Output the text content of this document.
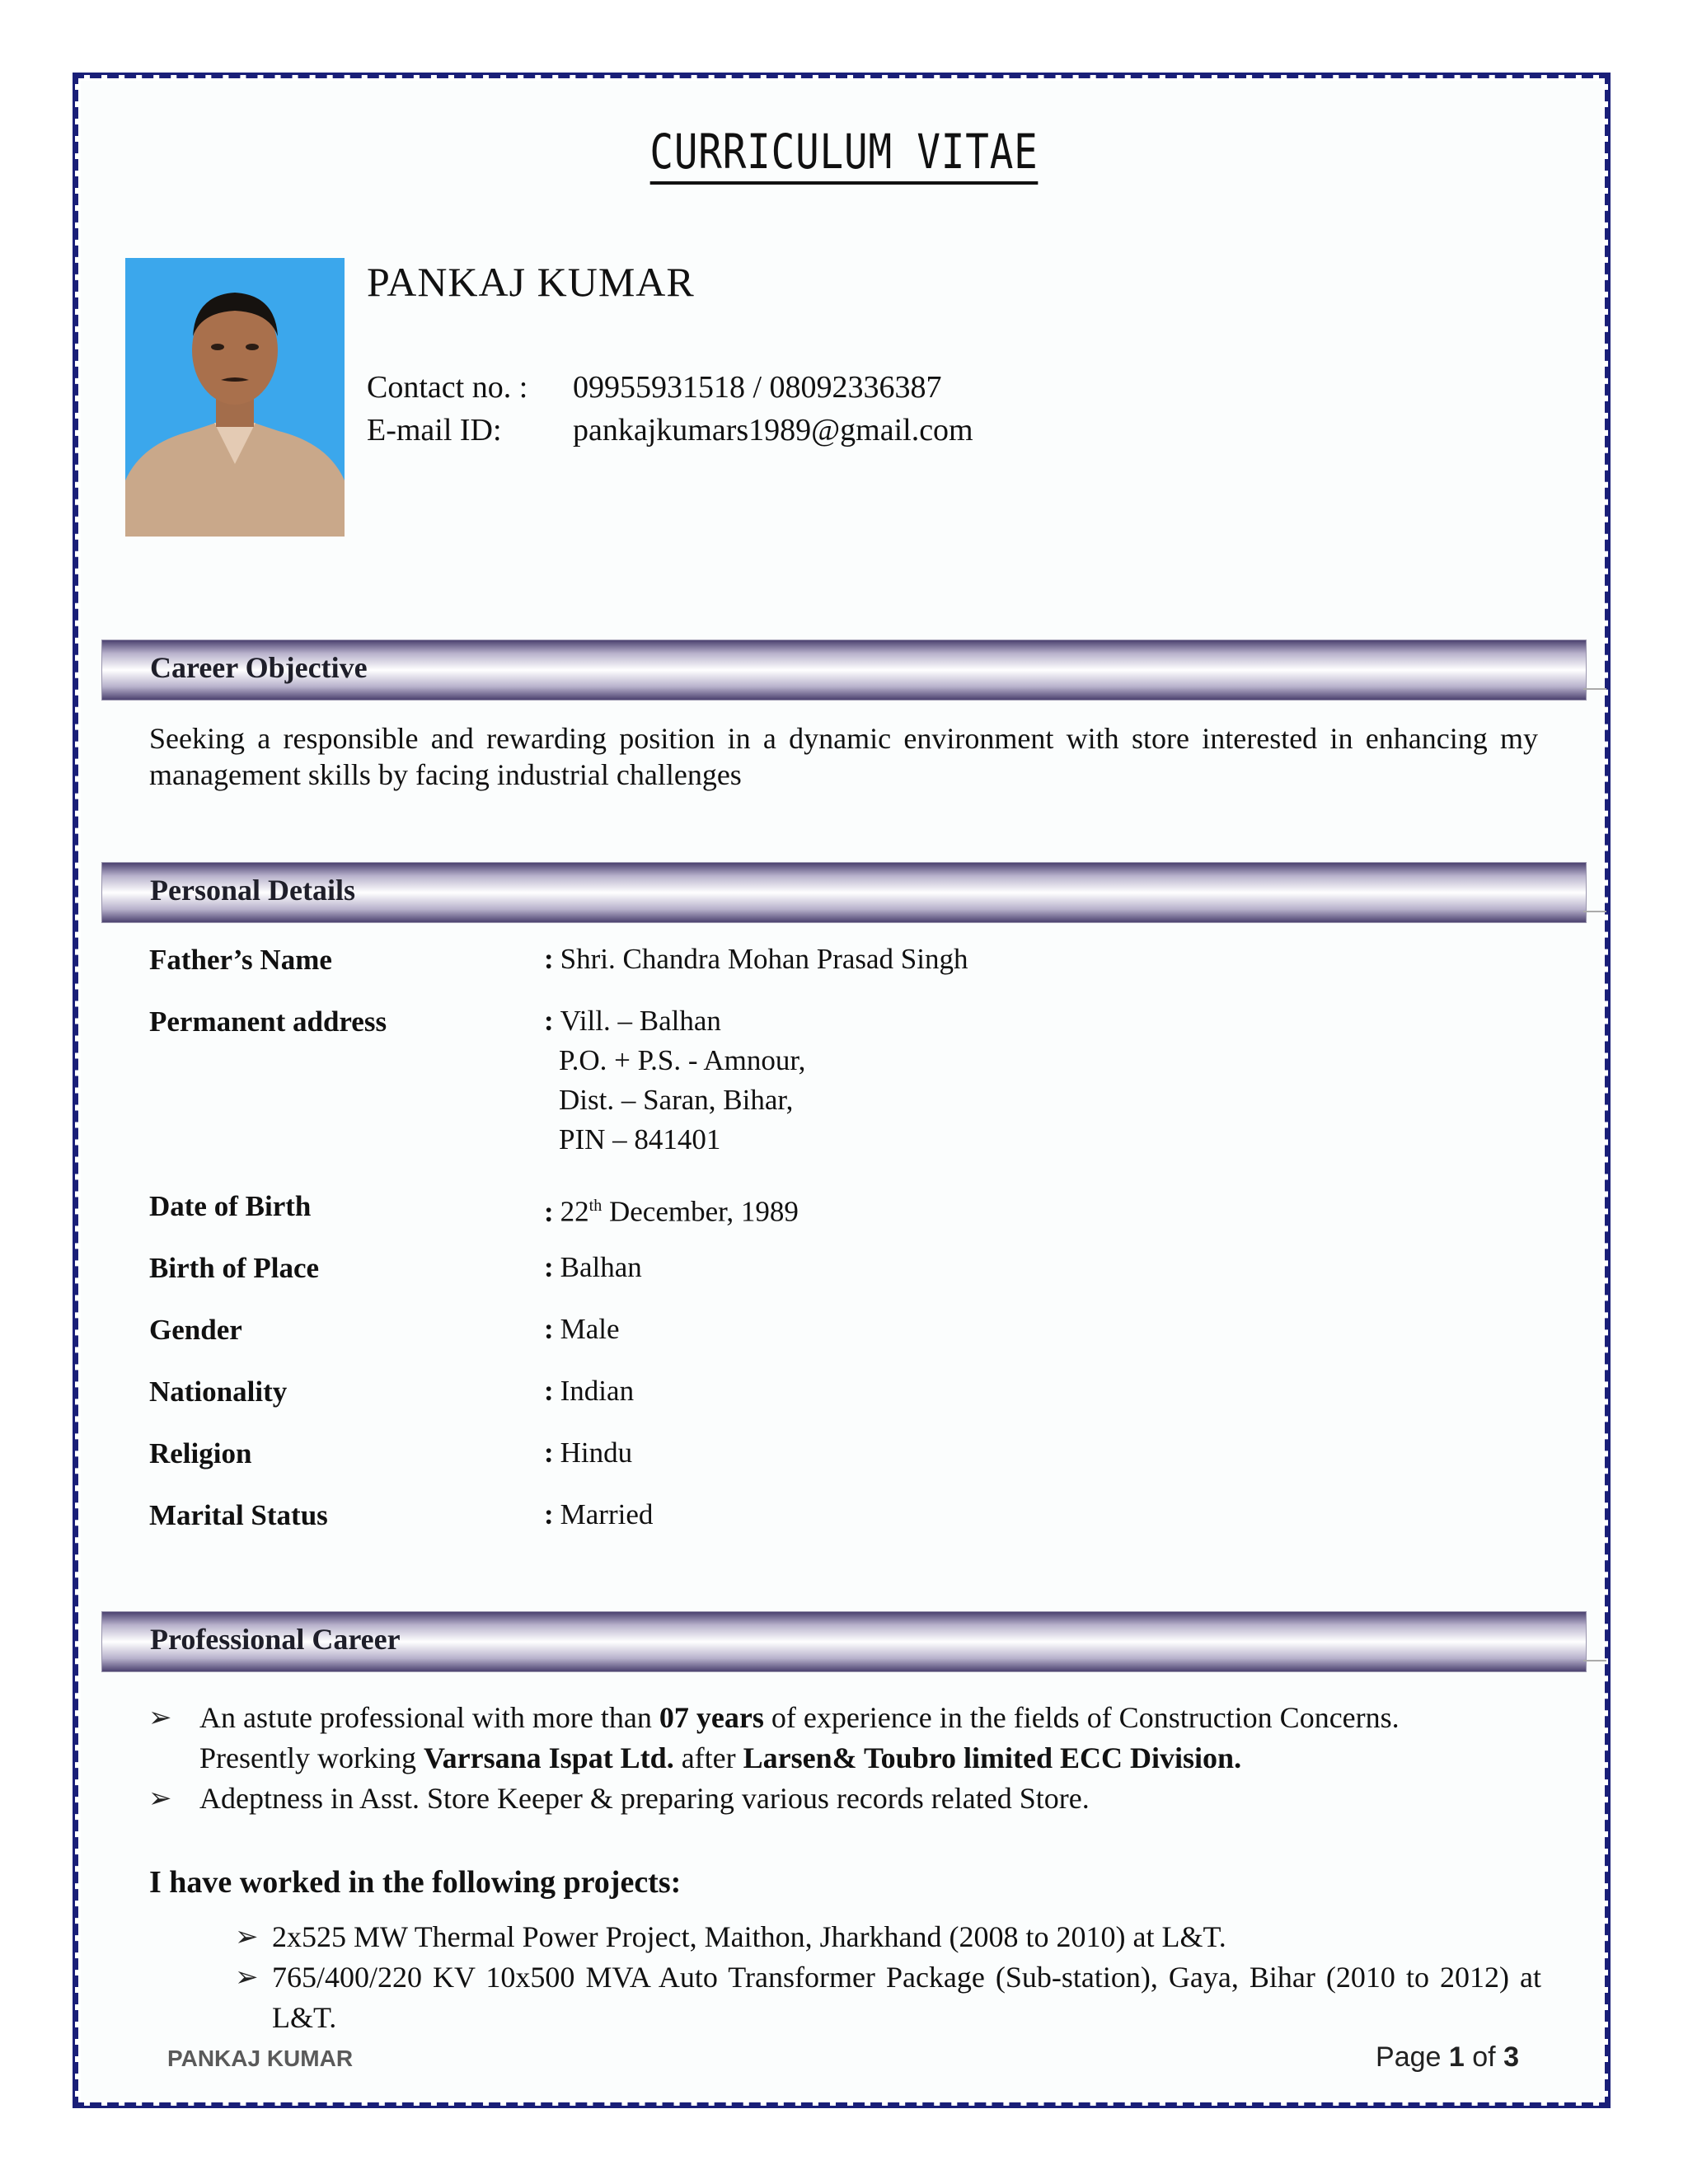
CURRICULUM VITAE
PANKAJ KUMAR
Contact no. : 09955931518 / 08092336387
E-mail ID: pankajkumars1989@gmail.com
Career Objective
Seeking a responsible and rewarding position in a dynamic environment with store interested in enhancing my management skills by facing industrial challenges
Personal Details
Father’s Name	: Shri. Chandra Mohan Prasad Singh
Permanent address	: Vill. – Balhan
P.O. + P.S. - Amnour,
Dist. – Saran, Bihar,
PIN – 841401
Date of Birth	: 22th December, 1989
Birth of Place	: Balhan
Gender	: Male
Nationality	: Indian
Religion	: Hindu
Marital Status	: Married
Professional Career
➢ An astute professional with more than 07 years of experience in the fields of Construction Concerns.
Presently working Varrsana Ispat Ltd. after Larsen& Toubro limited ECC Division.
➢ Adeptness in Asst. Store Keeper & preparing various records related Store.
I have worked in the following projects:
➢ 2x525 MW Thermal Power Project, Maithon, Jharkhand (2008 to 2010) at L&T.
➢ 765/400/220 KV 10x500 MVA Auto Transformer Package (Sub-station), Gaya, Bihar (2010 to 2012) at L&T.
PANKAJ KUMAR	Page 1 of 3
